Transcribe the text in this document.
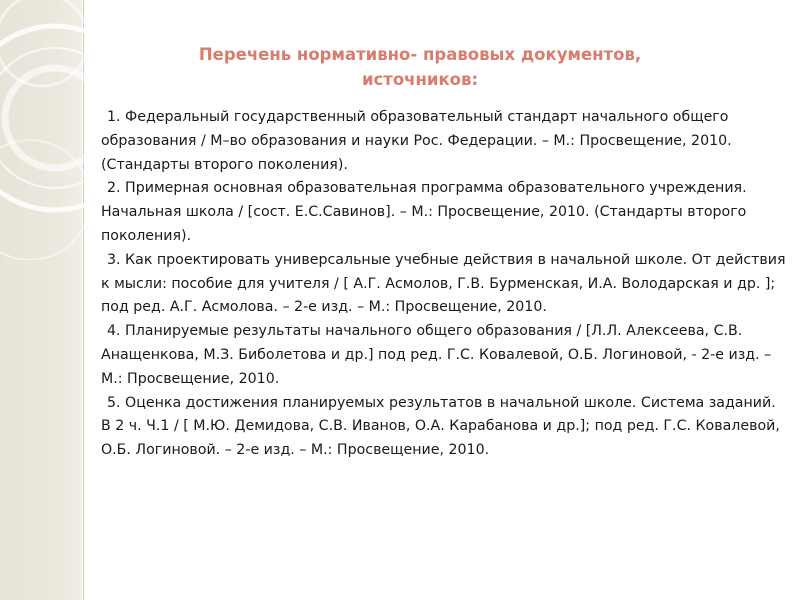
Перечень нормативно- правовых документов,
источников:

1. Федеральный государственный образовательный стандарт начального общего образования / М–во образования и науки Рос. Федерации. – М.: Просвещение, 2010. (Стандарты второго поколения).

2. Примерная основная образовательная программа образовательного учреждения. Начальная школа / [сост. Е.С.Савинов]. – М.: Просвещение, 2010. (Стандарты второго поколения).

3. Как проектировать универсальные учебные действия в начальной школе. От действия к мысли: пособие для учителя / [ А.Г. Асмолов, Г.В. Бурменская, И.А. Володарская и др. ]; под ред. А.Г. Асмолова. – 2-е изд. – М.: Просвещение, 2010.

4. Планируемые результаты начального общего образования / [Л.Л. Алексеева, С.В. Анащенкова, М.З. Биболетова и др.] под ред. Г.С. Ковалевой, О.Б. Логиновой, - 2-е изд. – М.: Просвещение, 2010.

5. Оценка достижения планируемых результатов в начальной школе. Система заданий. В 2 ч. Ч.1 / [ М.Ю. Демидова, С.В. Иванов, О.А. Карабанова и др.]; под ред. Г.С. Ковалевой, О.Б. Логиновой. – 2-е изд. – М.: Просвещение, 2010.
